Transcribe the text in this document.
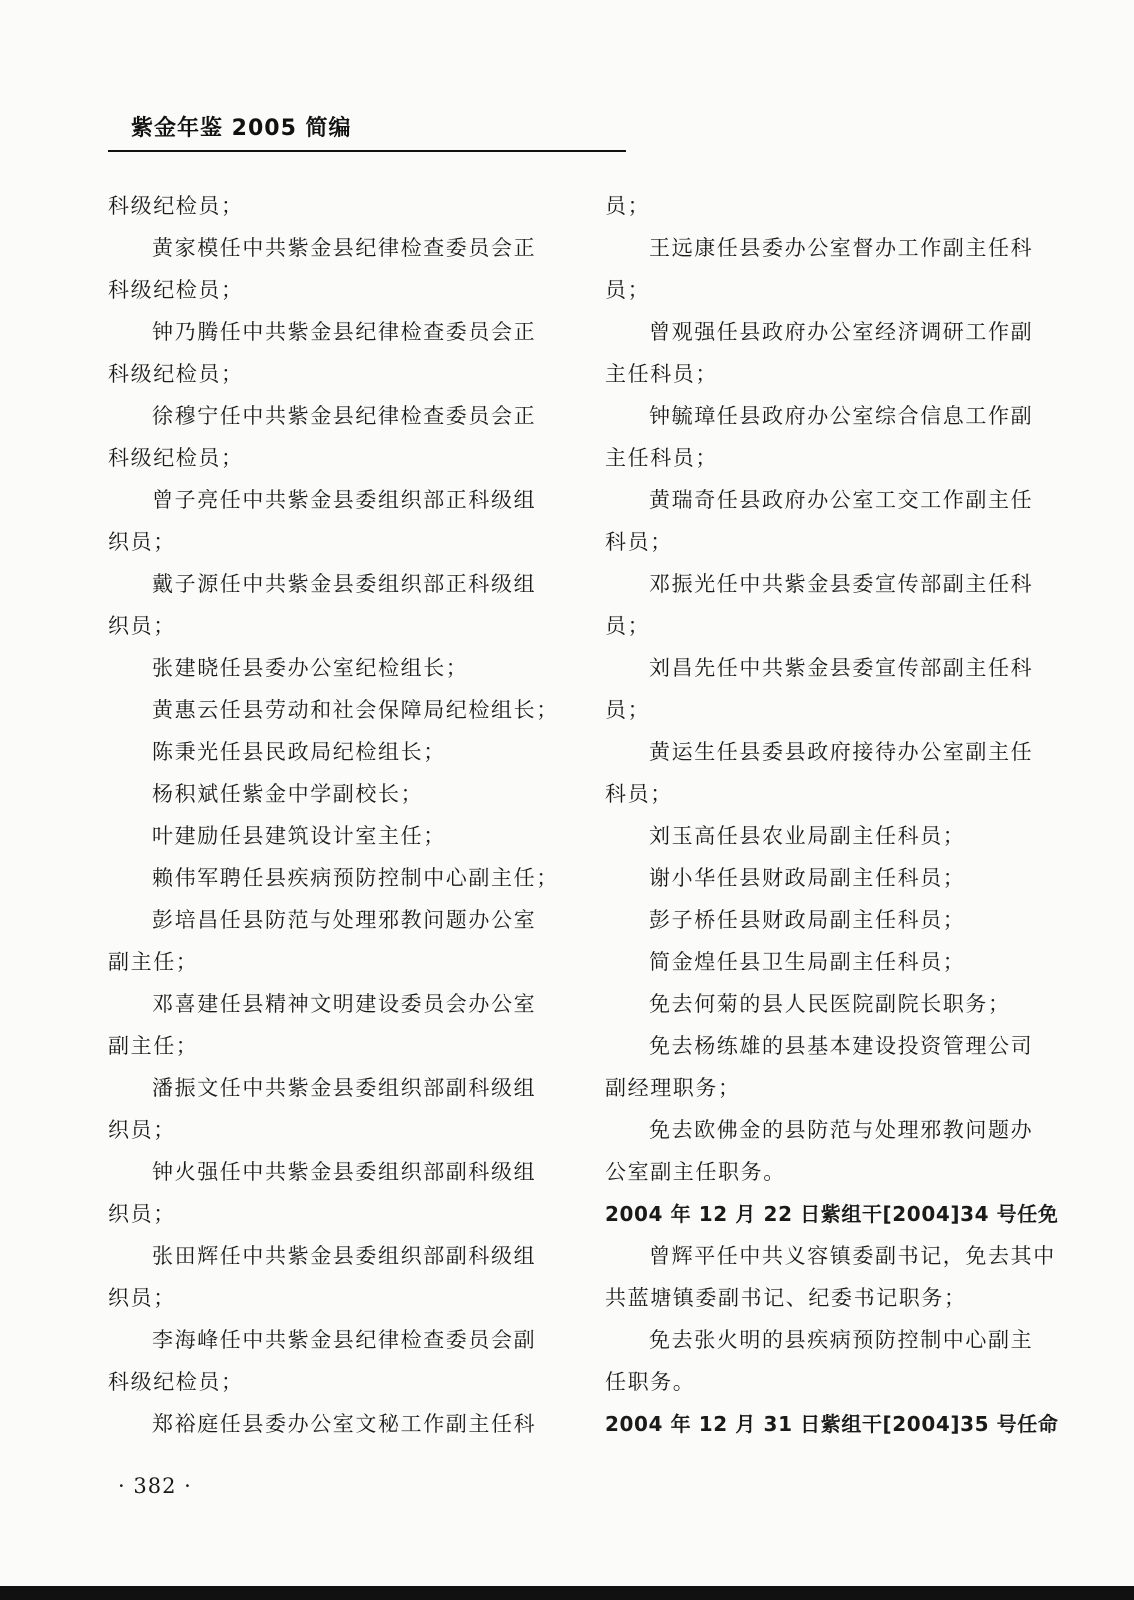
紫金年鉴 2005 简编
科级纪检员；
黄家模任中共紫金县纪律检查委员会正
科级纪检员；
钟乃腾任中共紫金县纪律检查委员会正
科级纪检员；
徐穆宁任中共紫金县纪律检查委员会正
科级纪检员；
曾子亮任中共紫金县委组织部正科级组
织员；
戴子源任中共紫金县委组织部正科级组
织员；
张建晓任县委办公室纪检组长；
黄惠云任县劳动和社会保障局纪检组长；
陈秉光任县民政局纪检组长；
杨积斌任紫金中学副校长；
叶建励任县建筑设计室主任；
赖伟军聘任县疾病预防控制中心副主任；
彭培昌任县防范与处理邪教问题办公室
副主任；
邓喜建任县精神文明建设委员会办公室
副主任；
潘振文任中共紫金县委组织部副科级组
织员；
钟火强任中共紫金县委组织部副科级组
织员；
张田辉任中共紫金县委组织部副科级组
织员；
李海峰任中共紫金县纪律检查委员会副
科级纪检员；
郑裕庭任县委办公室文秘工作副主任科
员；
王远康任县委办公室督办工作副主任科
员；
曾观强任县政府办公室经济调研工作副
主任科员；
钟毓璋任县政府办公室综合信息工作副
主任科员；
黄瑞奇任县政府办公室工交工作副主任
科员；
邓振光任中共紫金县委宣传部副主任科
员；
刘昌先任中共紫金县委宣传部副主任科
员；
黄运生任县委县政府接待办公室副主任
科员；
刘玉高任县农业局副主任科员；
谢小华任县财政局副主任科员；
彭子桥任县财政局副主任科员；
简金煌任县卫生局副主任科员；
免去何菊的县人民医院副院长职务；
免去杨练雄的县基本建设投资管理公司
副经理职务；
免去欧佛金的县防范与处理邪教问题办
公室副主任职务。
2004 年 12 月 22 日紫组干[2004]34 号任免
曾辉平任中共义容镇委副书记，免去其中
共蓝塘镇委副书记、纪委书记职务；
免去张火明的县疾病预防控制中心副主
任职务。
2004 年 12 月 31 日紫组干[2004]35 号任命
· 382 ·
